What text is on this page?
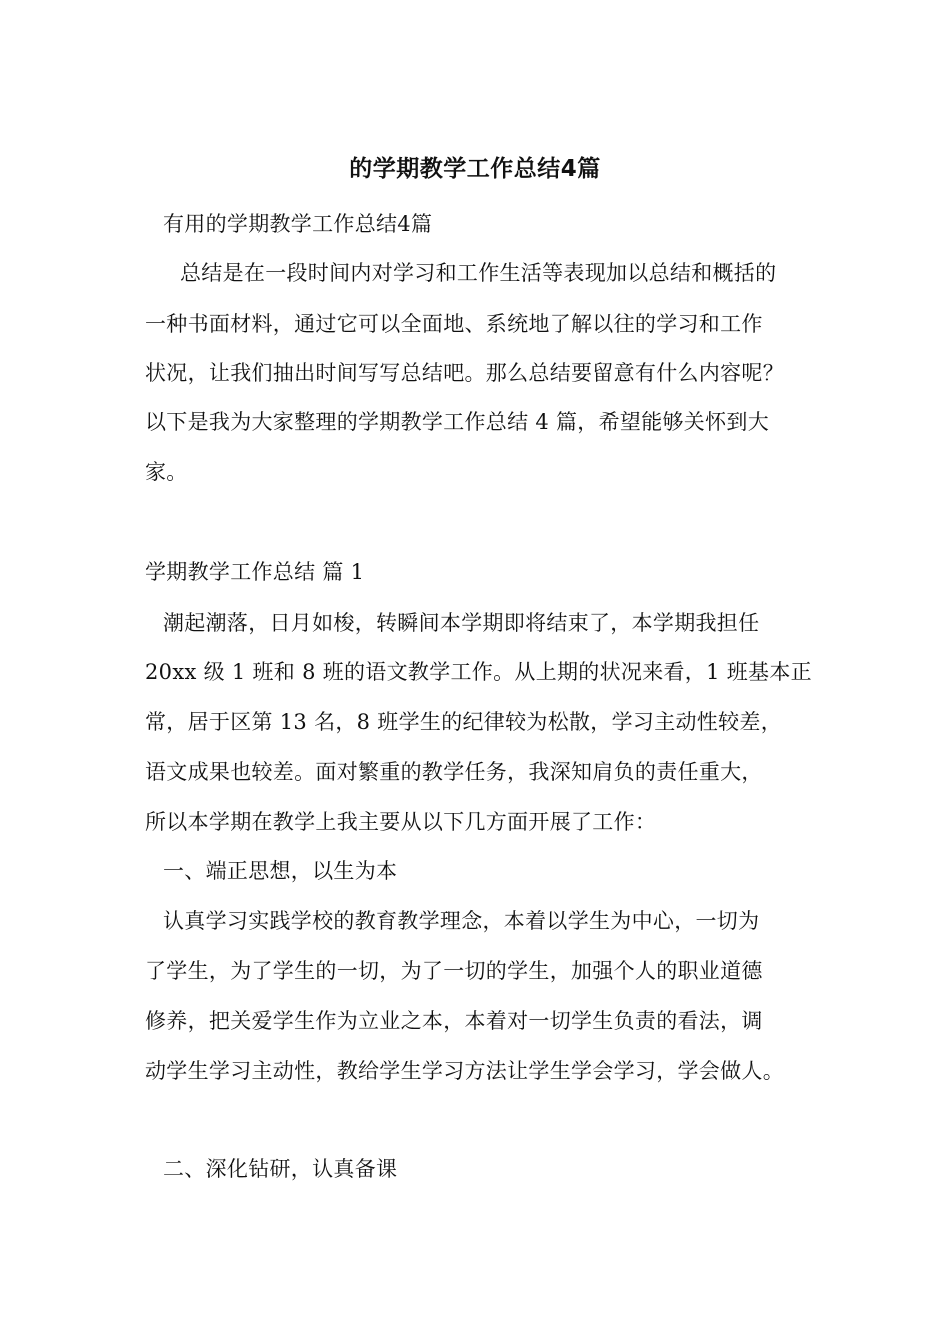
的学期教学工作总结4篇
有用的学期教学工作总结4篇
总结是在一段时间内对学习和工作生活等表现加以总结和概括的
一种书面材料，通过它可以全面地、系统地了解以往的学习和工作
状况，让我们抽出时间写写总结吧。那么总结要留意有什么内容呢？
以下是我为大家整理的学期教学工作总结 4 篇，希望能够关怀到大
家。
学期教学工作总结 篇 1
潮起潮落，日月如梭，转瞬间本学期即将结束了，本学期我担任
20xx 级 1 班和 8 班的语文教学工作。从上期的状况来看，1 班基本正
常，居于区第 13 名，8 班学生的纪律较为松散，学习主动性较差，
语文成果也较差。面对繁重的教学任务，我深知肩负的责任重大，
所以本学期在教学上我主要从以下几方面开展了工作：
一、端正思想，以生为本
认真学习实践学校的教育教学理念，本着以学生为中心，一切为
了学生，为了学生的一切，为了一切的学生，加强个人的职业道德
修养，把关爱学生作为立业之本，本着对一切学生负责的看法，调
动学生学习主动性，教给学生学习方法让学生学会学习，学会做人。
二、深化钻研，认真备课
